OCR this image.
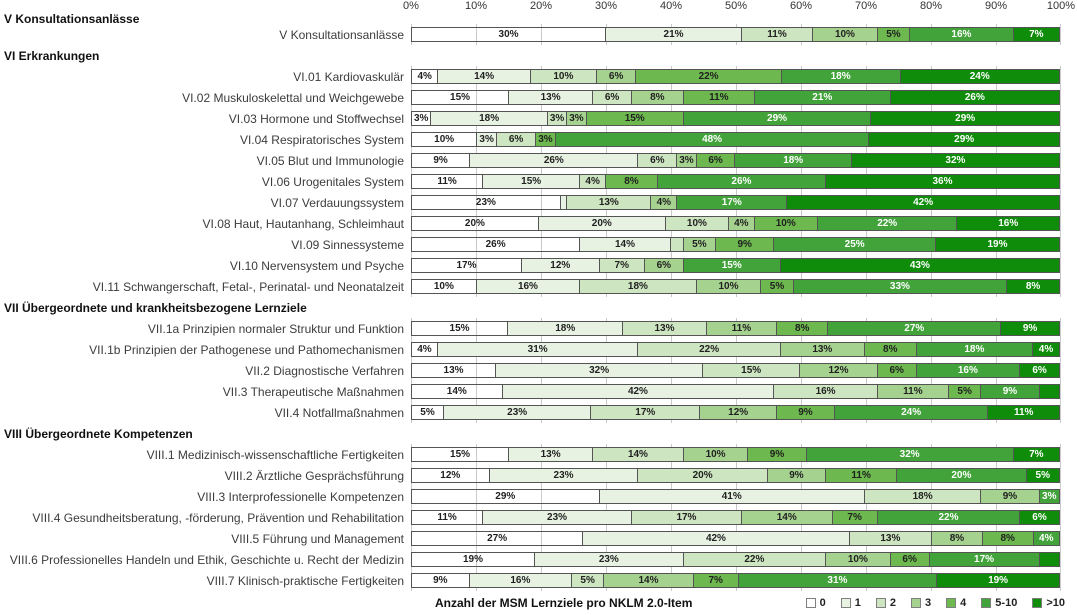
0%	10%	20%	30%	40%	50%	60%	70%	80%	90%	100%
V Konsultationsanlässe
V Konsultationsanlässe	30%	21%	11%	10%	5%	16%	7%
VI Erkrankungen
VI.01 Kardiovaskulär	4%	14%	10%	6%	22%	18%	24%
VI.02 Muskuloskelettal und Weichgewebe	15%	13%	6%	8%	11%	21%	26%
VI.03 Hormone und Stoffwechsel 3%	18%	3% 3%	15%	29%	29%
VI.04 Respiratorisches System	10%	3% 6% 3%	48%	29%
VI.05 Blut und Immunologie	9%	26%	6% 3% 6%	18%	32%
VI.06 Urogenitales System	11%	15%	4% 8%	26%	36%
VI.07 Verdauungssystem	23%	13%	4%	17%	42%
VI.08 Haut, Hautanhang, Schleimhaut	20%	20%	10%	4%	10%	22%	16%
VI.09 Sinnessysteme	26%	14%	5%	9%	25%	19%
VI.10 Nervensystem und Psyche	17%	12%	7%	6%	15%	43%
VI.11 Schwangerschaft, Fetal-, Perinatal- und Neonatalzeit	10%	16%	18%	10%	5%	33%	8%
VII Übergeordnete und krankheitsbezogene Lernziele
VII.1a Prinzipien normaler Struktur und Funktion	15%	18%	13%	11%	8%	27%	9%
VII.1b Prinzipien der Pathogenese und Pathomechanismen	4%	31%	22%	13%	8%	18%	4%
VII.2 Diagnostische Verfahren	13%	32%	15%	12%	6%	16%	6%
VII.3 Therapeutische Maßnahmen	14%	42%	16%	11%	5%	9%
VII.4 Notfallmaßnahmen	5%	23%	17%	12%	9%	24%	11%
VIII Übergeordnete Kompetenzen
VIII.1 Medizinisch-wissenschaftliche Fertigkeiten	15%	13%	14%	10%	9%	32%	7%
VIII.2 Ärztliche Gesprächsführung	12%	23%	20%	9%	11%	20%	5%
VIII.3 Interprofessionelle Kompetenzen	29%	41%	18%	9% 3%
VIII.4 Gesundheitsberatung, -förderung, Prävention und Rehabilitation	11%	23%	17%	14%	7%	22%	6%
VIII.5 Führung und Management	27%	42%	13%	8%	8% 4%
VIII.6 Professionelles Handeln und Ethik, Geschichte u. Recht der Medizin	19%	23%	22%	10%	6%	17%
VIII.7 Klinisch-praktische Fertigkeiten	9%	16%	5%	14%	7%	31%	19%
Anzahl der MSM Lernziele pro NKLM 2.0-Item	0	1	2	3	4	5-10	>10
